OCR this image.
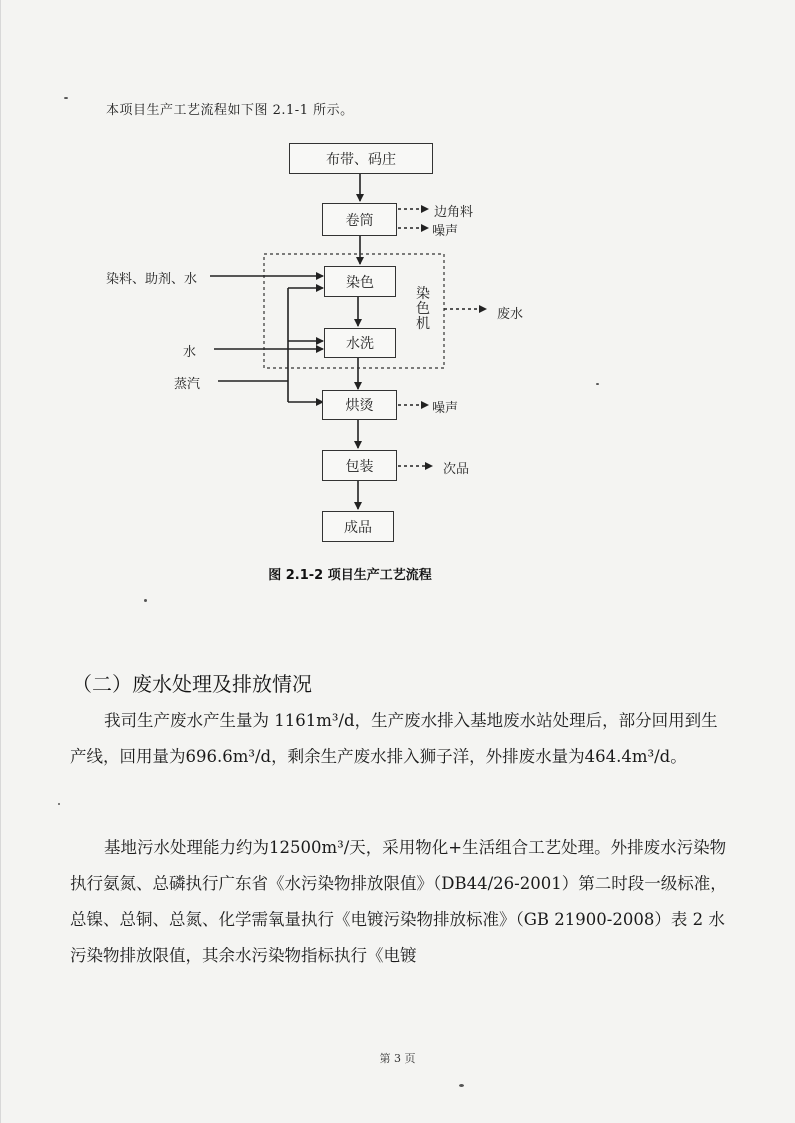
本项目生产工艺流程如下图 2.1-1 所示。
布带、码庄
卷筒
染色
水洗
烘烫
包装
成品
染
色
机
染料、助剂、水
水
蒸汽
边角料
噪声
废水
噪声
次品
图 2.1-2 项目生产工艺流程
（二）废水处理及排放情况

我司生产废水产生量为 1161m³/d，生产废水排入基地废水站处理后，部分回用到生产线，回用量为696.6m³/d，剩余生产废水排入狮子洋，外排废水量为464.4m³/d。

基地污水处理能力约为12500m³/天，采用物化+生活组合工艺处理。外排废水污染物执行氨氮、总磷执行广东省《水污染物排放限值》（DB44/26-2001）第二时段一级标准，总镍、总铜、总氮、化学需氧量执行《电镀污染物排放标准》（GB 21900-2008）表 2 水污染物排放限值，其余水污染物指标执行《电镀

第 3 页
